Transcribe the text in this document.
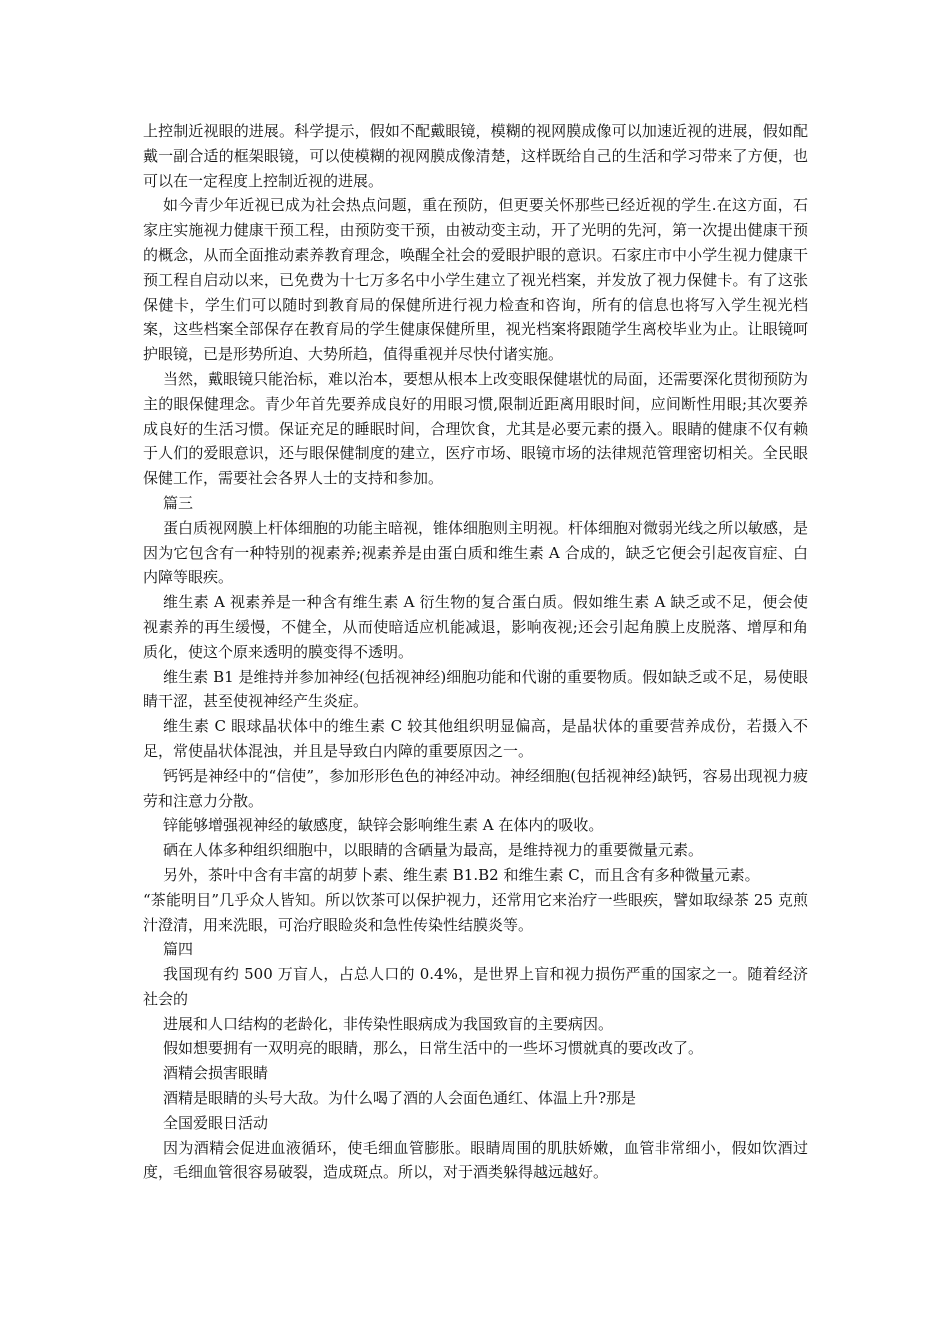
上控制近视眼的进展。科学提示，假如不配戴眼镜，模糊的视网膜成像可以加速近视的进展，假如配戴一副合适的框架眼镜，可以使模糊的视网膜成像清楚，这样既给自己的生活和学习带来了方便，也可以在一定程度上控制近视的进展。

如今青少年近视已成为社会热点问题，重在预防，但更要关怀那些已经近视的学生.在这方面，石家庄实施视力健康干预工程，由预防变干预，由被动变主动，开了光明的先河，第一次提出健康干预的概念，从而全面推动素养教育理念，唤醒全社会的爱眼护眼的意识。石家庄市中小学生视力健康干预工程自启动以来，已免费为十七万多名中小学生建立了视光档案，并发放了视力保健卡。有了这张保健卡，学生们可以随时到教育局的保健所进行视力检查和咨询，所有的信息也将写入学生视光档案，这些档案全部保存在教育局的学生健康保健所里，视光档案将跟随学生离校毕业为止。让眼镜呵护眼镜，已是形势所迫、大势所趋，值得重视并尽快付诸实施。

当然，戴眼镜只能治标，难以治本，要想从根本上改变眼保健堪忧的局面，还需要深化贯彻预防为主的眼保健理念。青少年首先要养成良好的用眼习惯,限制近距离用眼时间，应间断性用眼;其次要养成良好的生活习惯。保证充足的睡眠时间，合理饮食，尤其是必要元素的摄入。眼睛的健康不仅有赖于人们的爱眼意识，还与眼保健制度的建立，医疗市场、眼镜市场的法律规范管理密切相关。全民眼保健工作，需要社会各界人士的支持和参加。

篇三

蛋白质视网膜上杆体细胞的功能主暗视，锥体细胞则主明视。杆体细胞对微弱光线之所以敏感，是因为它包含有一种特别的视素养;视素养是由蛋白质和维生素 A 合成的，缺乏它便会引起夜盲症、白内障等眼疾。

维生素 A 视素养是一种含有维生素 A 衍生物的复合蛋白质。假如维生素 A 缺乏或不足，便会使视素养的再生缓慢，不健全，从而使暗适应机能减退，影响夜视;还会引起角膜上皮脱落、增厚和角质化，使这个原来透明的膜变得不透明。

维生素 B1 是维持并参加神经(包括视神经)细胞功能和代谢的重要物质。假如缺乏或不足，易使眼睛干涩，甚至使视神经产生炎症。

维生素 C 眼球晶状体中的维生素 C 较其他组织明显偏高，是晶状体的重要营养成份，若摄入不足，常使晶状体混浊，并且是导致白内障的重要原因之一。

钙钙是神经中的“信使”，参加形形色色的神经冲动。神经细胞(包括视神经)缺钙，容易出现视力疲劳和注意力分散。

锌能够增强视神经的敏感度，缺锌会影响维生素 A 在体内的吸收。

硒在人体多种组织细胞中，以眼睛的含硒量为最高，是维持视力的重要微量元素。

另外，茶叶中含有丰富的胡萝卜素、维生素 B1.B2 和维生素 C，而且含有多种微量元素。

“茶能明目”几乎众人皆知。所以饮茶可以保护视力，还常用它来治疗一些眼疾，譬如取绿茶 25 克煎汁澄清，用来洗眼，可治疗眼睑炎和急性传染性结膜炎等。

篇四

我国现有约 500 万盲人，占总人口的 0.4%，是世界上盲和视力损伤严重的国家之一。随着经济社会的

进展和人口结构的老龄化，非传染性眼病成为我国致盲的主要病因。

假如想要拥有一双明亮的眼睛，那么，日常生活中的一些坏习惯就真的要改改了。

酒精会损害眼睛

酒精是眼睛的头号大敌。为什么喝了酒的人会面色通红、体温上升?那是

全国爱眼日活动

因为酒精会促进血液循环，使毛细血管膨胀。眼睛周围的肌肤娇嫩，血管非常细小，假如饮酒过度，毛细血管很容易破裂，造成斑点。所以，对于酒类躲得越远越好。
